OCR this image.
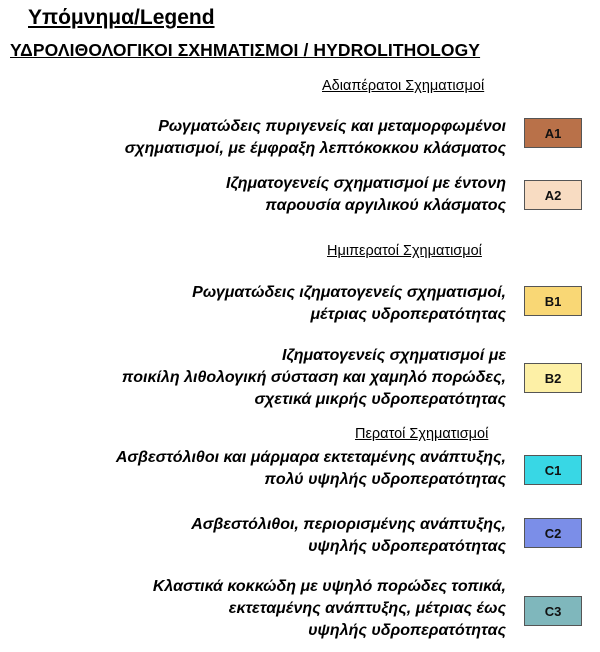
Υπόμνημα/Legend
ΥΔΡΟΛΙΘΟΛΟΓΙΚΟΙ ΣΧΗΜΑΤΙΣΜΟΙ / HYDROLITHOLOGY
Αδιαπέρατοι Σχηματισμοί
Ρωγματώδεις πυριγενείς και μεταμορφωμένοι
σχηματισμοί, με έμφραξη λεπτόκοκκου κλάσματος
A1
Ιζηματογενείς σχηματισμοί με έντονη
παρουσία αργιλικού κλάσματος
A2
Ημιπερατοί Σχηματισμοί
Ρωγματώδεις ιζηματογενείς σχηματισμοί,
μέτριας υδροπερατότητας
B1
Ιζηματογενείς σχηματισμοί με
ποικίλη λιθολογική σύσταση και χαμηλό πορώδες,
σχετικά μικρής υδροπερατότητας
B2
Περατοί Σχηματισμοί
Ασβεστόλιθοι και μάρμαρα εκτεταμένης ανάπτυξης,
πολύ υψηλής υδροπερατότητας
C1
Ασβεστόλιθοι, περιορισμένης ανάπτυξης,
υψηλής υδροπερατότητας
C2
Κλαστικά κοκκώδη με υψηλό πορώδες τοπικά,
εκτεταμένης ανάπτυξης, μέτριας έως
υψηλής υδροπερατότητας
C3
